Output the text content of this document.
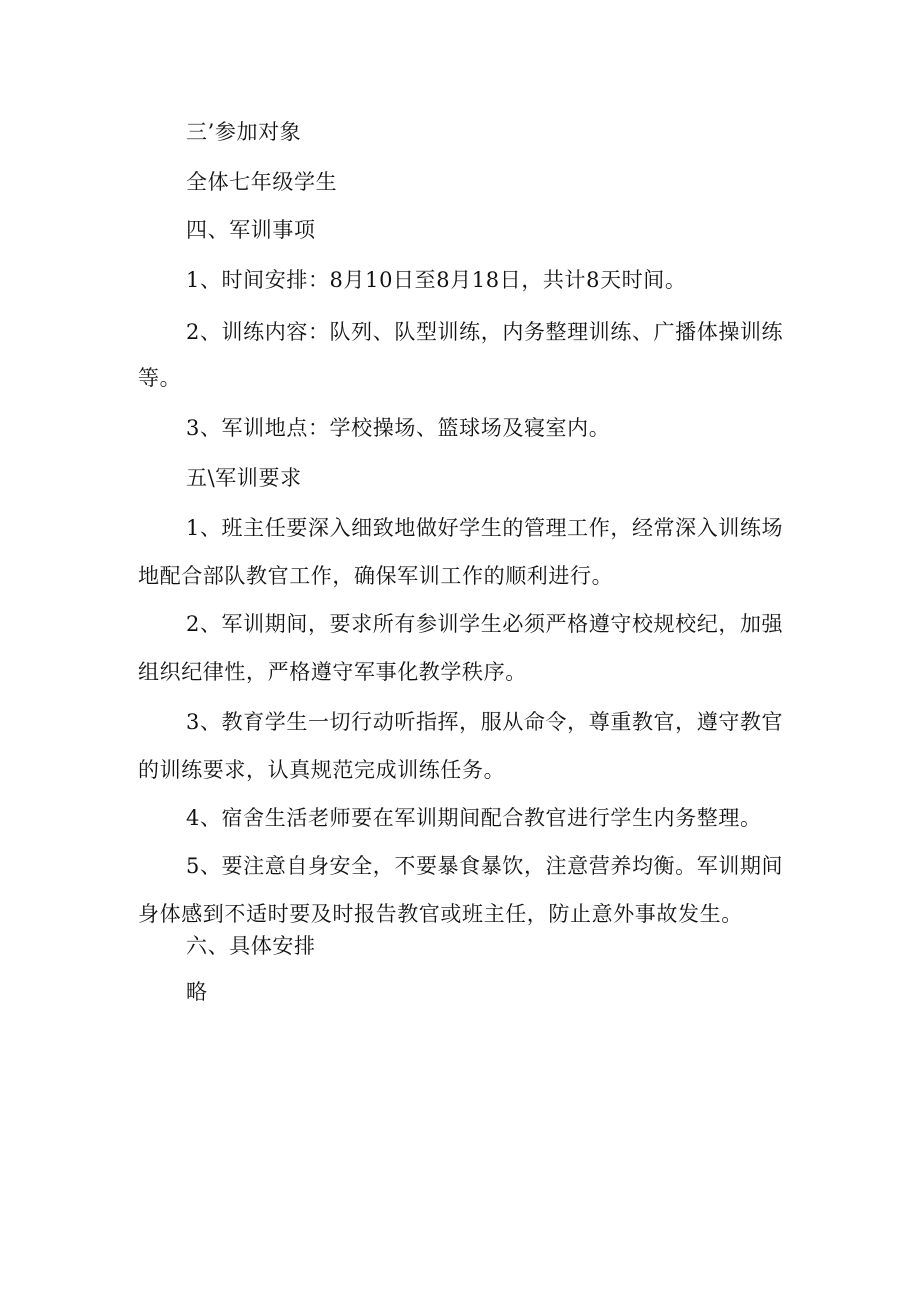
三’参加对象
全体七年级学生
四、军训事项
1、时间安排：8月10日至8月18日，共计8天时间。
2、训练内容：队列、队型训练，内务整理训练、广播体操训练
等。
3、军训地点：学校操场、篮球场及寝室内。
五\军训要求
1、班主任要深入细致地做好学生的管理工作，经常深入训练场
地配合部队教官工作，确保军训工作的顺利进行。
2、军训期间，要求所有参训学生必须严格遵守校规校纪，加强
组织纪律性，严格遵守军事化教学秩序。
3、教育学生一切行动听指挥，服从命令，尊重教官，遵守教官
的训练要求，认真规范完成训练任务。
4、宿舍生活老师要在军训期间配合教官进行学生内务整理。
5、要注意自身安全，不要暴食暴饮，注意营养均衡。军训期间
身体感到不适时要及时报告教官或班主任，防止意外事故发生。
六、具体安排
略
